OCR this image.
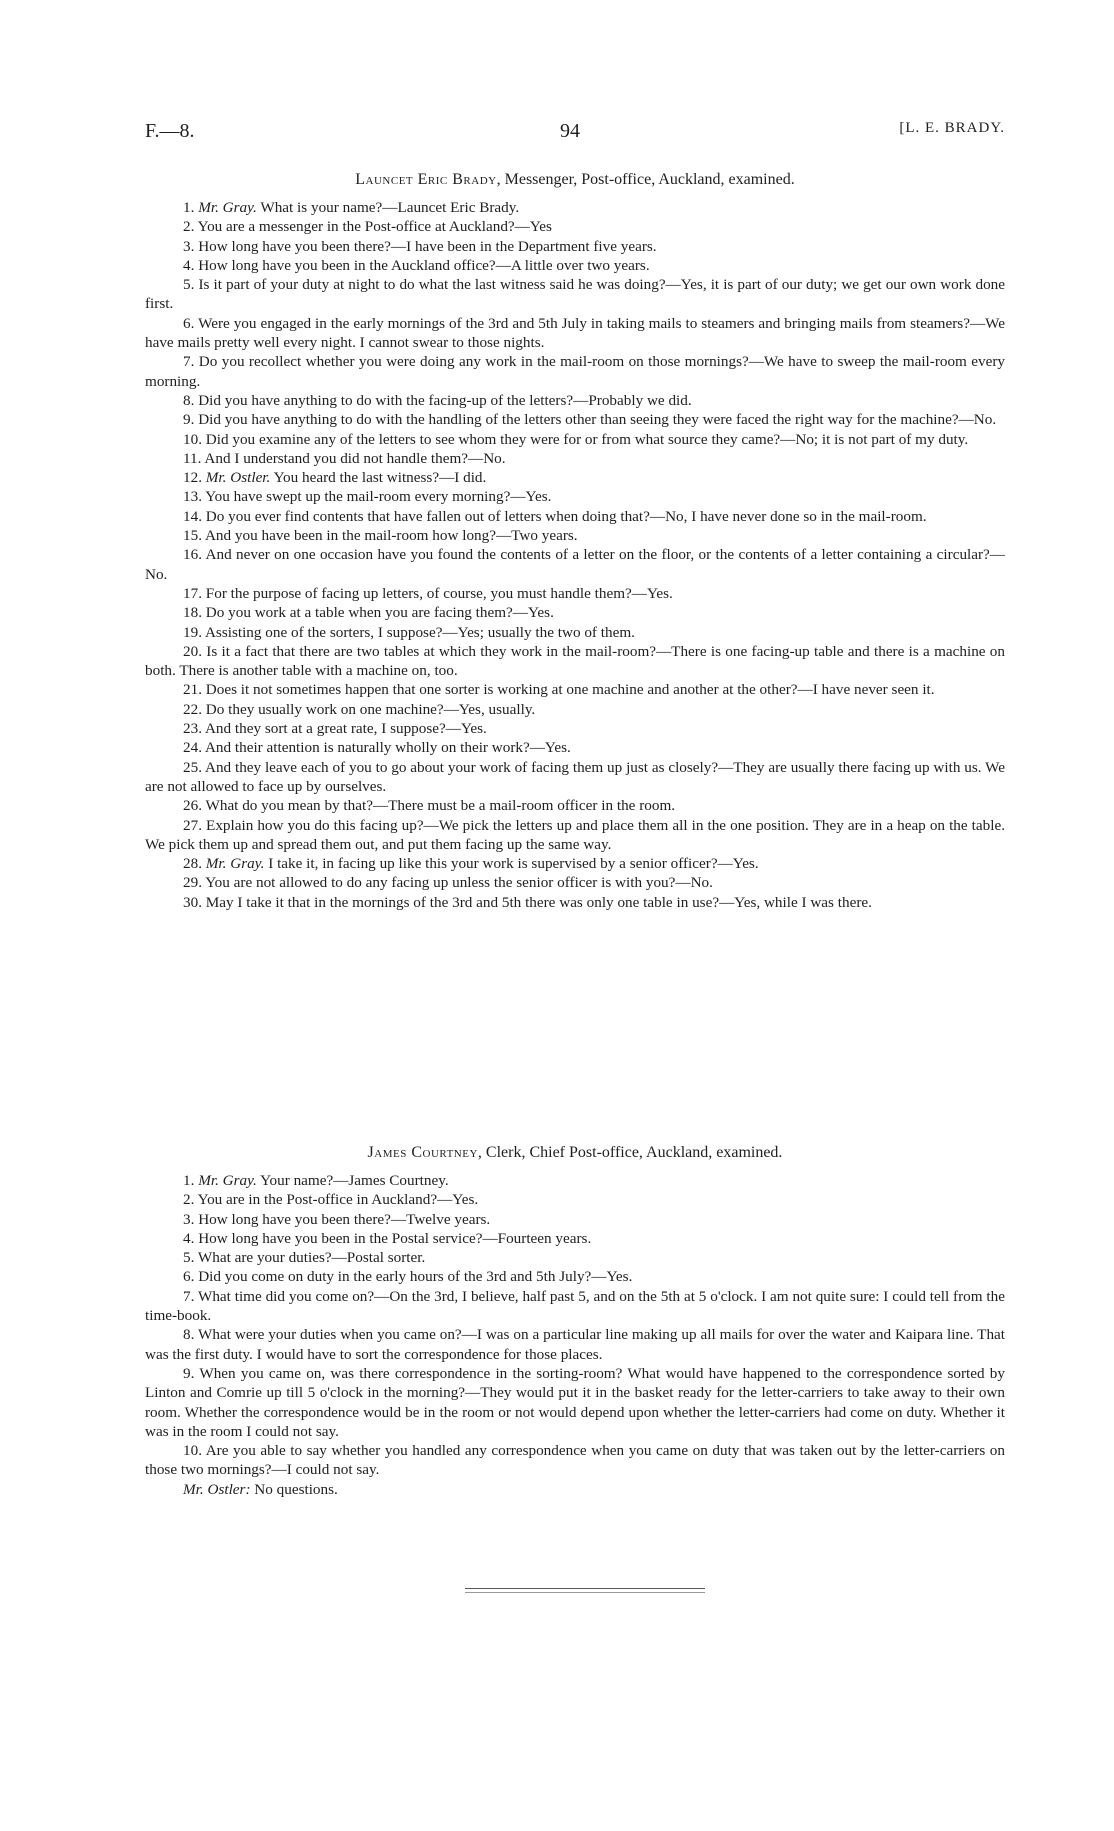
F.—8.	94	[L. E. BRADY.

Launcet Eric Brady, Messenger, Post-office, Auckland, examined.

1. Mr. Gray. What is your name?—Launcet Eric Brady.

2. You are a messenger in the Post-office at Auckland?—Yes

3. How long have you been there?—I have been in the Department five years.

4. How long have you been in the Auckland office?—A little over two years.

5. Is it part of your duty at night to do what the last witness said he was doing?—Yes, it is part of our duty; we get our own work done first.

6. Were you engaged in the early mornings of the 3rd and 5th July in taking mails to steamers and bringing mails from steamers?—We have mails pretty well every night. I cannot swear to those nights.

7. Do you recollect whether you were doing any work in the mail-room on those mornings?—We have to sweep the mail-room every morning.

8. Did you have anything to do with the facing-up of the letters?—Probably we did.

9. Did you have anything to do with the handling of the letters other than seeing they were faced the right way for the machine?—No.

10. Did you examine any of the letters to see whom they were for or from what source they came?—No; it is not part of my duty.

11. And I understand you did not handle them?—No.

12. Mr. Ostler. You heard the last witness?—I did.

13. You have swept up the mail-room every morning?—Yes.

14. Do you ever find contents that have fallen out of letters when doing that?—No, I have never done so in the mail-room.

15. And you have been in the mail-room how long?—Two years.

16. And never on one occasion have you found the contents of a letter on the floor, or the contents of a letter containing a circular?—No.

17. For the purpose of facing up letters, of course, you must handle them?—Yes.

18. Do you work at a table when you are facing them?—Yes.

19. Assisting one of the sorters, I suppose?—Yes; usually the two of them.

20. Is it a fact that there are two tables at which they work in the mail-room?—There is one facing-up table and there is a machine on both. There is another table with a machine on, too.

21. Does it not sometimes happen that one sorter is working at one machine and another at the other?—I have never seen it.

22. Do they usually work on one machine?—Yes, usually.

23. And they sort at a great rate, I suppose?—Yes.

24. And their attention is naturally wholly on their work?—Yes.

25. And they leave each of you to go about your work of facing them up just as closely?—They are usually there facing up with us. We are not allowed to face up by ourselves.

26. What do you mean by that?—There must be a mail-room officer in the room.

27. Explain how you do this facing up?—We pick the letters up and place them all in the one position. They are in a heap on the table. We pick them up and spread them out, and put them facing up the same way.

28. Mr. Gray. I take it, in facing up like this your work is supervised by a senior officer?—Yes.

29. You are not allowed to do any facing up unless the senior officer is with you?—No.

30. May I take it that in the mornings of the 3rd and 5th there was only one table in use?—Yes, while I was there.

James Courtney, Clerk, Chief Post-office, Auckland, examined.

1. Mr. Gray. Your name?—James Courtney.

2. You are in the Post-office in Auckland?—Yes.

3. How long have you been there?—Twelve years.

4. How long have you been in the Postal service?—Fourteen years.

5. What are your duties?—Postal sorter.

6. Did you come on duty in the early hours of the 3rd and 5th July?—Yes.

7. What time did you come on?—On the 3rd, I believe, half past 5, and on the 5th at 5 o'clock. I am not quite sure: I could tell from the time-book.

8. What were your duties when you came on?—I was on a particular line making up all mails for over the water and Kaipara line. That was the first duty. I would have to sort the correspondence for those places.

9. When you came on, was there correspondence in the sorting-room? What would have happened to the correspondence sorted by Linton and Comrie up till 5 o'clock in the morning?—They would put it in the basket ready for the letter-carriers to take away to their own room. Whether the correspondence would be in the room or not would depend upon whether the letter-carriers had come on duty. Whether it was in the room I could not say.

10. Are you able to say whether you handled any correspondence when you came on duty that was taken out by the letter-carriers on those two mornings?—I could not say.

Mr. Ostler: No questions.
